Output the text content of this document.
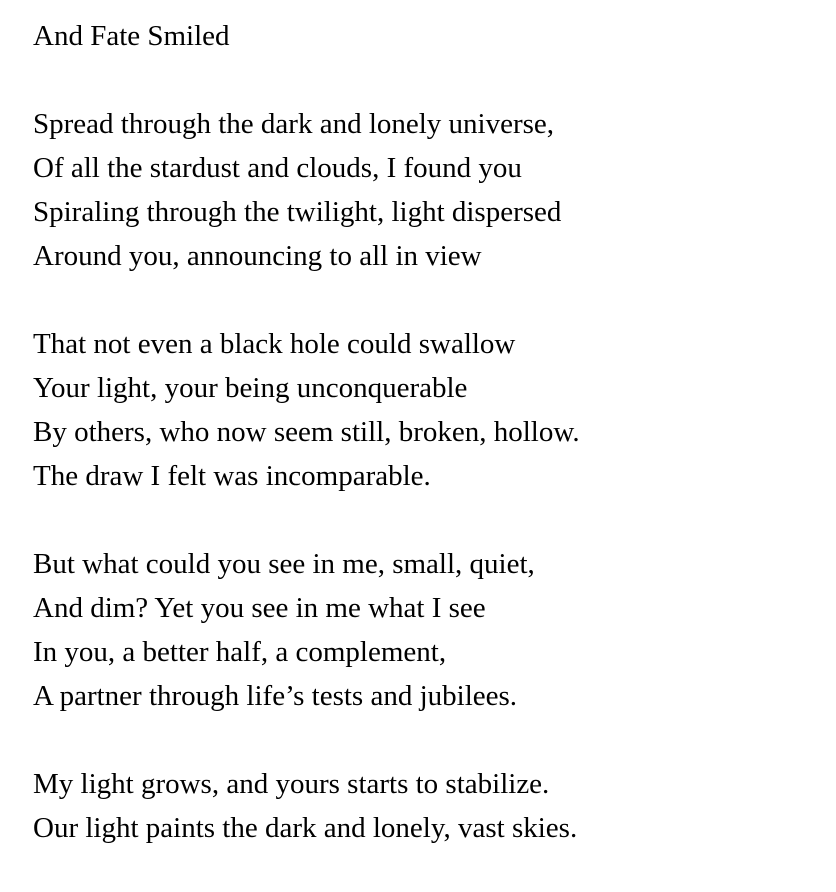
And Fate Smiled
Spread through the dark and lonely universe,
Of all the stardust and clouds, I found you
Spiraling through the twilight, light dispersed
Around you, announcing to all in view
That not even a black hole could swallow
Your light, your being unconquerable
By others, who now seem still, broken, hollow.
The draw I felt was incomparable.
But what could you see in me, small, quiet,
And dim? Yet you see in me what I see
In you, a better half, a complement,
A partner through life’s tests and jubilees.
My light grows, and yours starts to stabilize.
Our light paints the dark and lonely, vast skies.
